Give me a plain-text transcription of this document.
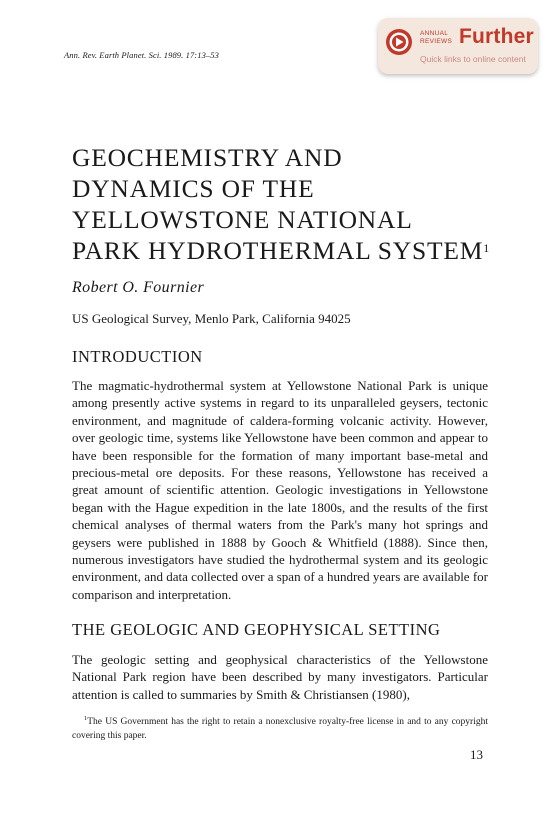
Ann. Rev. Earth Planet. Sci. 1989. 17:13–53
ANNUAL
REVIEWS Further
Quick links to online content
GEOCHEMISTRY AND
DYNAMICS OF THE
YELLOWSTONE NATIONAL
PARK HYDROTHERMAL SYSTEM$^1$
Robert O. Fournier
US Geological Survey, Menlo Park, California 94025
INTRODUCTION

The magmatic-hydrothermal system at Yellowstone National Park is unique among presently active systems in regard to its unparalleled geysers, tectonic environment, and magnitude of caldera-forming volcanic activity. However, over geologic time, systems like Yellowstone have been common and appear to have been responsible for the formation of many important base-metal and precious-metal ore deposits. For these reasons, Yellowstone has received a great amount of scientific attention. Geologic investigations in Yellowstone began with the Hague expedition in the late 1800s, and the results of the first chemical analyses of thermal waters from the Park's many hot springs and geysers were published in 1888 by Gooch & Whitfield (1888). Since then, numerous investigators have studied the hydrothermal system and its geologic environment, and data collected over a span of a hundred years are available for comparison and interpretation.

THE GEOLOGIC AND GEOPHYSICAL SETTING

The geologic setting and geophysical characteristics of the Yellowstone National Park region have been described by many investigators. Particular attention is called to summaries by Smith & Christiansen (1980),

$^1$The US Government has the right to retain a nonexclusive royalty-free license in and to any copyright covering this paper.

13
